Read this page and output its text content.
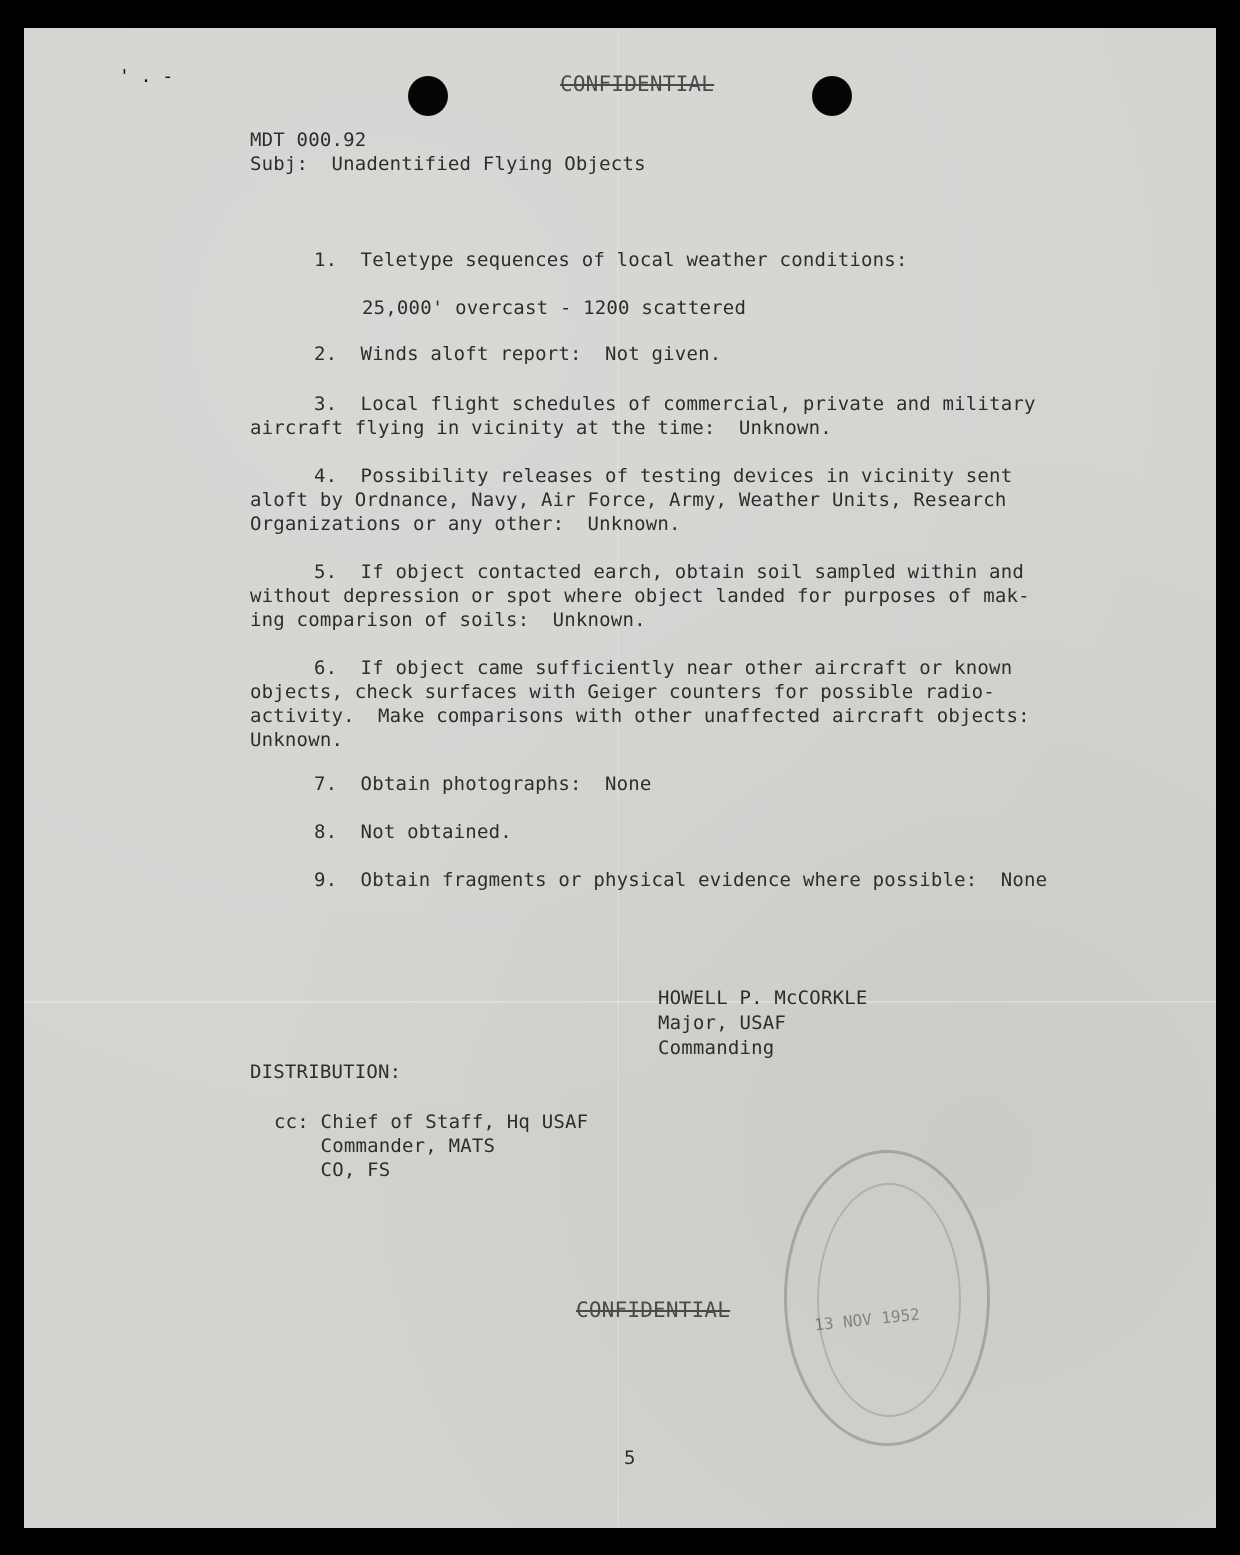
' . -	CONFIDENTIAL
MDT 000.92
Subj:  Unadentified Flying Objects
1.  Teletype sequences of local weather conditions:
25,000' overcast - 1200 scattered
2.  Winds aloft report:  Not given.
3.  Local flight schedules of commercial, private and military
aircraft flying in vicinity at the time:  Unknown.
4.  Possibility releases of testing devices in vicinity sent
aloft by Ordnance, Navy, Air Force, Army, Weather Units, Research
Organizations or any other:  Unknown.
5.  If object contacted earch, obtain soil sampled within and
without depression or spot where object landed for purposes of mak-
ing comparison of soils:  Unknown.
6.  If object came sufficiently near other aircraft or known
objects, check surfaces with Geiger counters for possible radio-
activity.  Make comparisons with other unaffected aircraft objects:
Unknown.
7.  Obtain photographs:  None
8.  Not obtained.
9.  Obtain fragments or physical evidence where possible:  None
HOWELL P. McCORKLE
Major, USAF
Commanding
DISTRIBUTION:
cc: Chief of Staff, Hq USAF
Commander, MATS
CO, FS
13 NOV 1952
CONFIDENTIAL
5
